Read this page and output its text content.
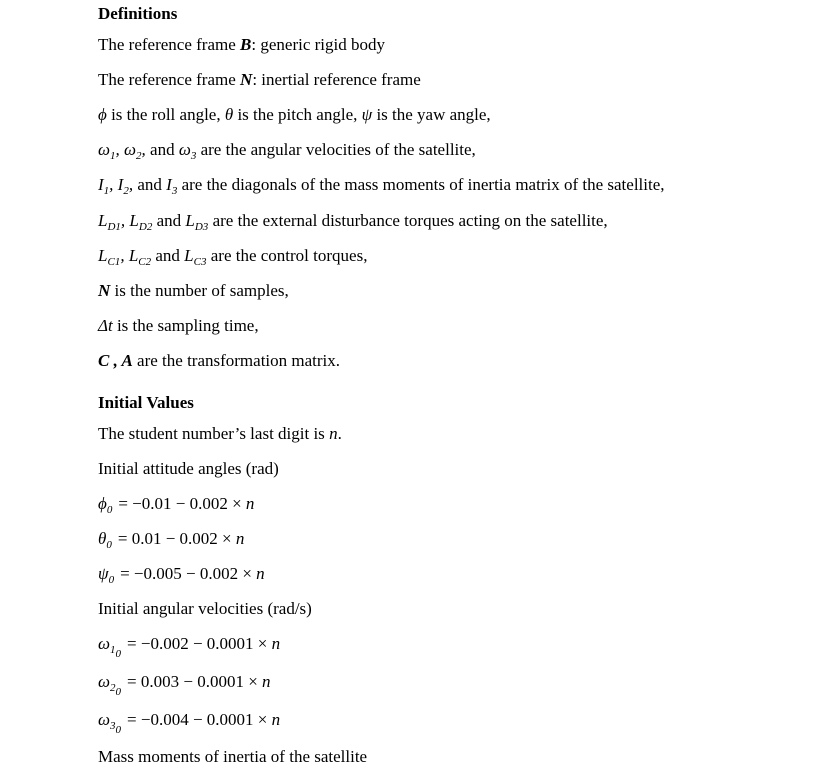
Definitions
The reference frame B: generic rigid body
The reference frame N: inertial reference frame
ϕ is the roll angle, θ is the pitch angle, ψ is the yaw angle,
$\omega_1$, $\omega_2$, and $\omega_3$ are the angular velocities of the satellite,
$I_1$, $I_2$, and $I_3$ are the diagonals of the mass moments of inertia matrix of the satellite,
$L_{D1}$, $L_{D2}$ and $L_{D3}$ are the external disturbance torques acting on the satellite,
$L_{C1}$, $L_{C2}$ and $L_{C3}$ are the control torques,
N is the number of samples,
Δt is the sampling time,
C , A are the transformation matrix.
Initial Values
The student number’s last digit is n.
Initial attitude angles (rad)
$\phi_0 = -0.01 - 0.002 \times n$
$\theta_0 = 0.01 - 0.002 \times n$
$\psi_0 = -0.005 - 0.002 \times n$
Initial angular velocities (rad/s)
$\omega_{1_0}= -0.002 - 0.0001 \times n$
$\omega_{2_0}= 0.003 - 0.0001 \times n$
$\omega_{3_0}= -0.004 - 0.0001 \times n$
Mass moments of inertia of the satellite
